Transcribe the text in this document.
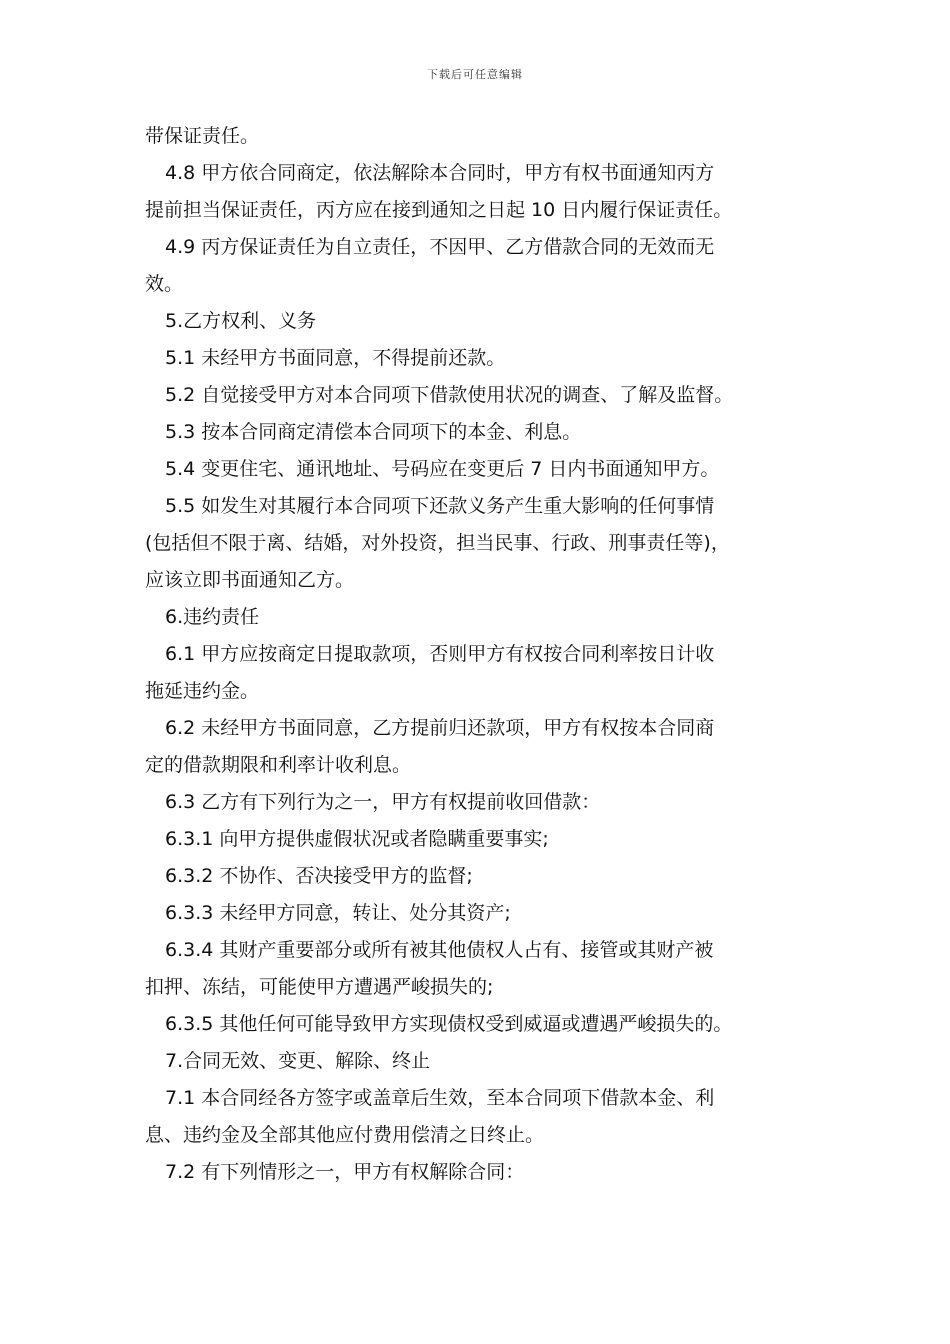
下载后可任意编辑
带保证责任。
4.8 甲方依合同商定，依法解除本合同时，甲方有权书面通知丙方
提前担当保证责任，丙方应在接到通知之日起 10 日内履行保证责任。
4.9 丙方保证责任为自立责任，不因甲、乙方借款合同的无效而无
效。
5.乙方权利、义务
5.1 未经甲方书面同意，不得提前还款。
5.2 自觉接受甲方对本合同项下借款使用状况的调查、了解及监督。
5.3 按本合同商定清偿本合同项下的本金、利息。
5.4 变更住宅、通讯地址、号码应在变更后 7 日内书面通知甲方。
5.5 如发生对其履行本合同项下还款义务产生重大影响的任何事情
(包括但不限于离、结婚，对外投资，担当民事、行政、刑事责任等)，
应该立即书面通知乙方。
6.违约责任
6.1 甲方应按商定日提取款项，否则甲方有权按合同利率按日计收
拖延违约金。
6.2 未经甲方书面同意，乙方提前归还款项，甲方有权按本合同商
定的借款期限和利率计收利息。
6.3 乙方有下列行为之一，甲方有权提前收回借款：
6.3.1 向甲方提供虚假状况或者隐瞒重要事实;
6.3.2 不协作、否决接受甲方的监督;
6.3.3 未经甲方同意，转让、处分其资产;
6.3.4 其财产重要部分或所有被其他债权人占有、接管或其财产被
扣押、冻结，可能使甲方遭遇严峻损失的;
6.3.5 其他任何可能导致甲方实现债权受到威逼或遭遇严峻损失的。
7.合同无效、变更、解除、终止
7.1 本合同经各方签字或盖章后生效，至本合同项下借款本金、利
息、违约金及全部其他应付费用偿清之日终止。
7.2 有下列情形之一，甲方有权解除合同：
